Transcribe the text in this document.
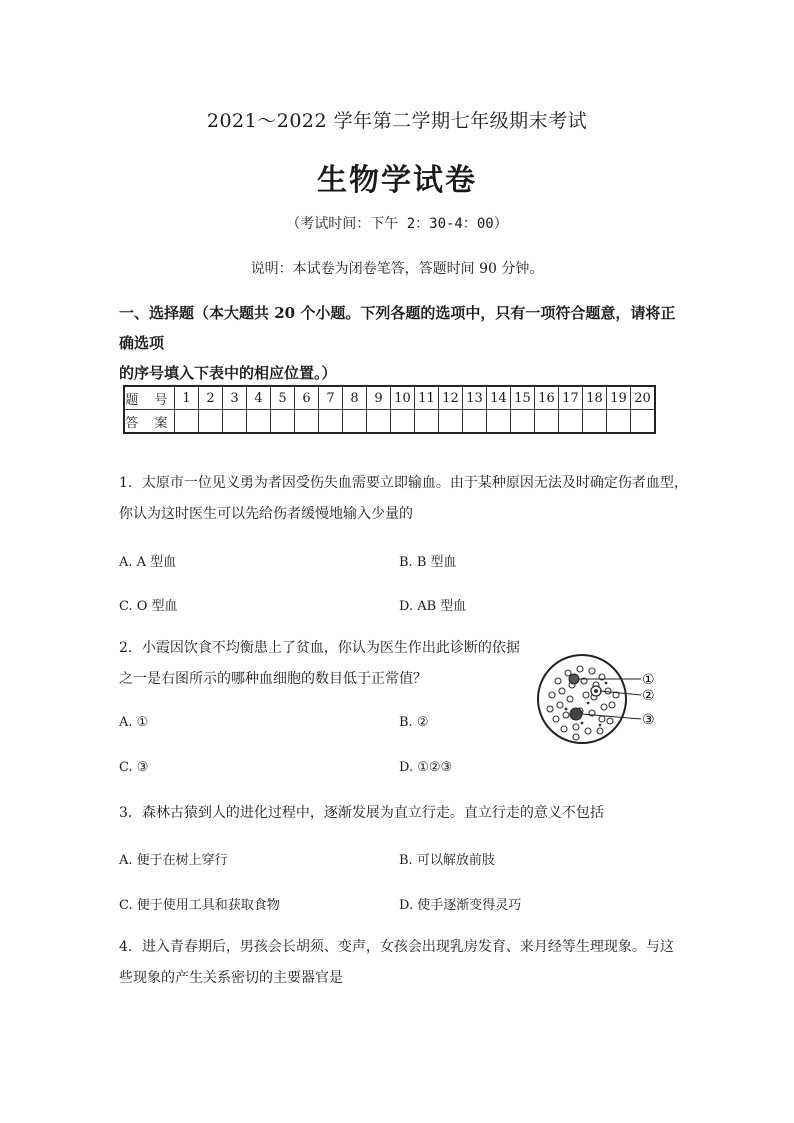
2021～2022 学年第二学期七年级期末考试
生物学试卷
（考试时间：下午 2：30-4：00）
说明：本试卷为闭卷笔答，答题时间 90 分钟。
一、选择题（本大题共 20 个小题。下列各题的选项中，只有一项符合题意，请将正确选项
的序号填入下表中的相应位置。）
题 号	1	2	3	4	5	6	7	8	9	10	11	12	13	14	15	16	17	18	19	20
答 案																				
1．太原市一位见义勇为者因受伤失血需要立即输血。由于某种原因无法及时确定伤者血型，
你认为这时医生可以先给伤者缓慢地输入少量的
A. A 型血	B. B 型血
C. O 型血	D. AB 型血
2．小霞因饮食不均衡患上了贫血，你认为医生作出此诊断的依据
之一是右图所示的哪种血细胞的数目低于正常值？
A. ①	B. ②
C. ③	D. ①②③
①
②
③
3．森林古猿到人的进化过程中，逐渐发展为直立行走。直立行走的意义不包括
A. 便于在树上穿行	B. 可以解放前肢
C. 便于使用工具和获取食物	D. 使手逐渐变得灵巧
4．进入青春期后，男孩会长胡须、变声，女孩会出现乳房发育、来月经等生理现象。与这
些现象的产生关系密切的主要器官是
